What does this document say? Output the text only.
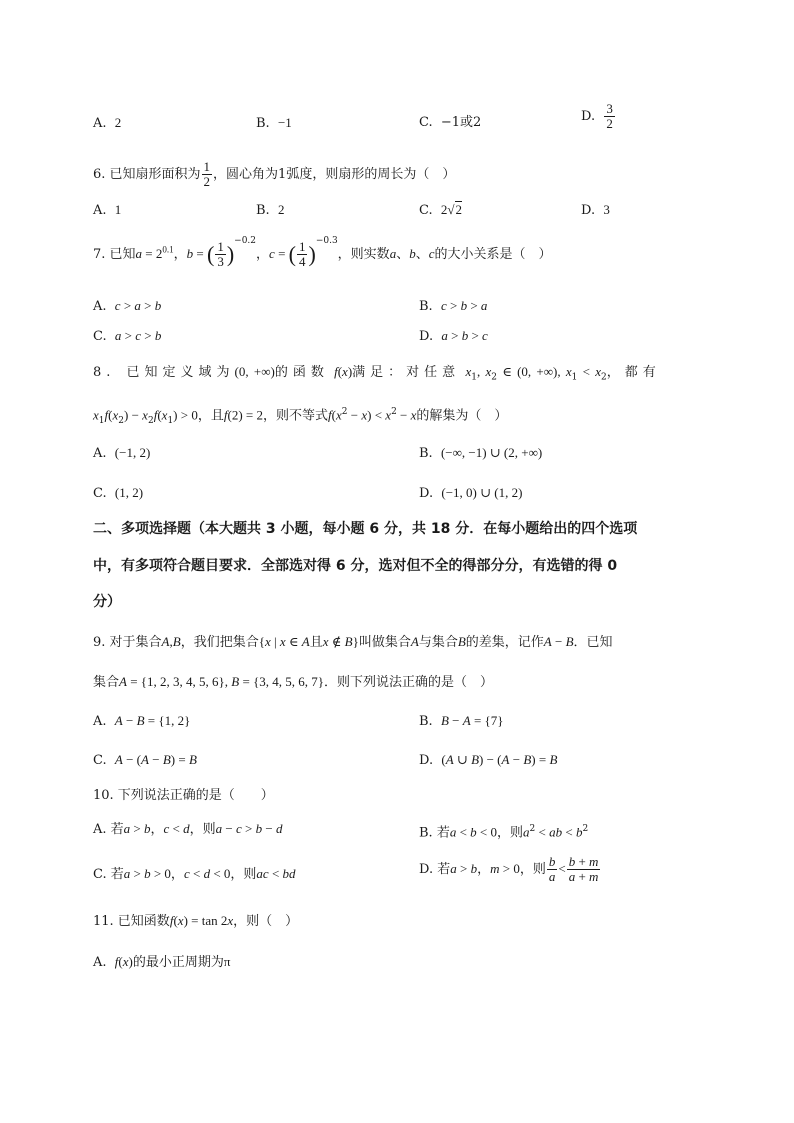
A. 2	B. −1	C. −1或2	D. $\frac{3}{2}$
6. 已知扇形面积为 $\frac{1}{2}$ ，圆心角为1弧度，则扇形的周长为（　）
A. 1	B. 2	C. 2√2	D. 3
7. 已知$a = 2^{0.1}$，b = ( $\frac{1}{3} )^{-0.2}$，c = ( $\frac{1}{4} )^{-0.3}$，则实数a、b、c的大小关系是（　）
A. c > a > b	B. c > b > a
C. a > c > b	D. a > b > c
8. 已知定义域为(0, +∞)的函数 f(x)满足：对任意 $x_1$, $x_2$ ∈ (0, +∞), $x_1 < x_2$，都有
$x_1f(x_2) - x_2f(x_1) > 0$，且f(2) = 2，则不等式$f(x^2 - x) < x^2 - x$的解集为（　）
A. (−1, 2)	B. (−∞, −1) ∪ (2, +∞)
C. (1, 2)	D. (−1, 0) ∪ (1, 2)
二、多项选择题（本大题共 3 小题，每小题 6 分，共 18 分．在每小题给出的四个选项
中，有多项符合题目要求．全部选对得 6 分，选对但不全的得部分分，有选错的得 0
分）
9. 对于集合A,B，我们把集合{x | x ∈ A且x ∉ B}叫做集合A与集合B的差集，记作A − B．已知
集合A = {1, 2, 3, 4, 5, 6}, B = {3, 4, 5, 6, 7}．则下列说法正确的是（　）
A. A − B = {1, 2}	B. B − A = {7}
C. A − (A − B) = B	D. (A ∪ B) − (A − B) = B
10. 下列说法正确的是（　　）
A. 若a > b，c < d，则a − c > b − d	B. 若a < b < 0，则$a^2$ < ab < $b^2$
C. 若a > b > 0，c < d < 0，则ac < bd	D. 若a > b，m > 0，则 $\frac{b}{a} < \frac{b + m}{a + m}$
11. 已知函数f(x) = tan 2x，则（　）
A. f(x)的最小正周期为π
